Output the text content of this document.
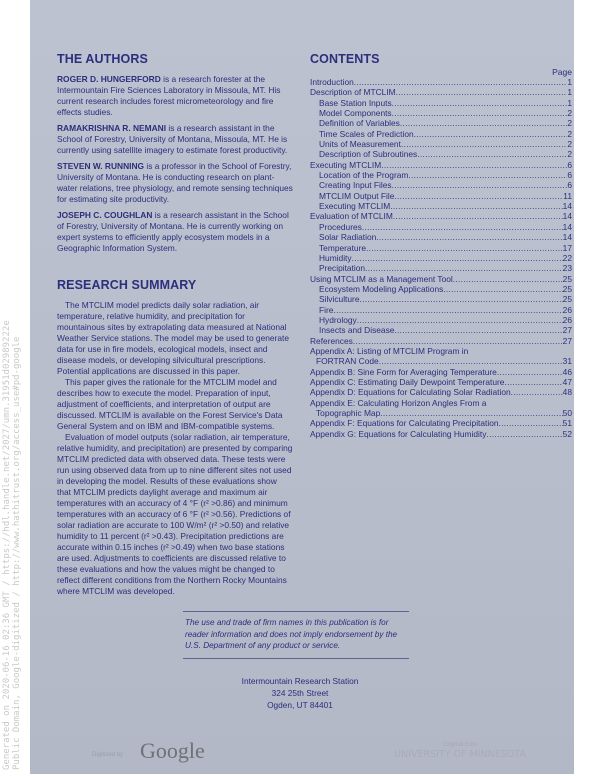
Generated on 2020-06-16 02:36 GMT / https://hdl.handle.net/2027/umn.31951d02989222e Public Domain, Google-digitized / http://www.hathitrust.org/access_use#pd-google
THE AUTHORS

ROGER D. HUNGERFORD is a research forester at the Intermountain Fire Sciences Laboratory in Missoula, MT. His current research includes forest micrometeorology and fire effects studies.

RAMAKRISHNA R. NEMANI is a research assistant in the School of Forestry, University of Montana, Missoula, MT. He is currently using satellite imagery to estimate forest productivity.

STEVEN W. RUNNING is a professor in the School of Forestry, University of Montana. He is conducting research on plant-water relations, tree physiology, and remote sensing techniques for estimating site productivity.

JOSEPH C. COUGHLAN is a research assistant in the School of Forestry, University of Montana. He is currently working on expert systems to efficiently apply ecosystem models in a Geographic Information System.

RESEARCH SUMMARY

The MTCLIM model predicts daily solar radiation, air temperature, relative humidity, and precipitation for mountainous sites by extrapolating data measured at National Weather Service stations. The model may be used to generate data for use in fire models, ecological models, insect and disease models, or developing silvicultural prescriptions. Potential applications are discussed in this paper.

This paper gives the rationale for the MTCLIM model and describes how to execute the model. Preparation of input, adjustment of coefficients, and interpretation of output are discussed. MTCLIM is available on the Forest Service's Data General System and on IBM and IBM-compatible systems.

Evaluation of model outputs (solar radiation, air temperature, relative humidity, and precipitation) are presented by comparing MTCLIM predicted data with observed data. These tests were run using observed data from up to nine different sites not used in developing the model. Results of these evaluations show that MTCLIM predicts daylight average and maximum air temperatures with an accuracy of 4 °F (r² >0.86) and minimum temperatures with an accuracy of 6 °F (r² >0.56). Predictions of solar radiation are accurate to 100 W/m² (r² >0.50) and relative humidity to 11 percent (r² >0.43). Precipitation predictions are accurate within 0.15 inches (r² >0.49) when two base stations are used. Adjustments to coefficients are discussed relative to these evaluations and how the values might be changed to reflect different conditions from the Northern Rocky Mountains where MTCLIM was developed.

CONTENTS
Page
Introduction .....	1
Description of MTCLIM .....	1
Base Station Inputs .....	1
Model Components .....	2
Definition of Variables .....	2
Time Scales of Prediction .....	2
Units of Measurement .....	2
Description of Subroutines .....	2
Executing MTCLIM .....	6
Location of the Program .....	6
Creating Input Files .....	6
MTCLIM Output File .....	11
Executing MTCLIM .....	14
Evaluation of MTCLIM .....	14
Procedures .....	14
Solar Radiation .....	14
Temperature .....	17
Humidity .....	22
Precipitation .....	23
Using MTCLIM as a Management Tool .....	25
Ecosystem Modeling Applications .....	25
Silviculture .....	25
Fire .....	26
Hydrology .....	26
Insects and Disease .....	27
References .....	27
Appendix A: Listing of MTCLIM Program in
FORTRAN Code .....	31
Appendix B: Sine Form for Averaging Temperature .....	46
Appendix C: Estimating Daily Dewpoint Temperature .....	47
Appendix D: Equations for Calculating Solar Radiation .....	48
Appendix E: Calculating Horizon Angles From a
Topographic Map .....	50
Appendix F: Equations for Calculating Precipitation .....	51
Appendix G: Equations for Calculating Humidity .....	52
The use and trade of firm names in this publication is for reader information and does not imply endorsement by the U.S. Department of any product or service.
Intermountain Research Station
324 25th Street
Ogden, UT 84401
Digitized by Google	Original from
UNIVERSITY OF MINNESOTA
